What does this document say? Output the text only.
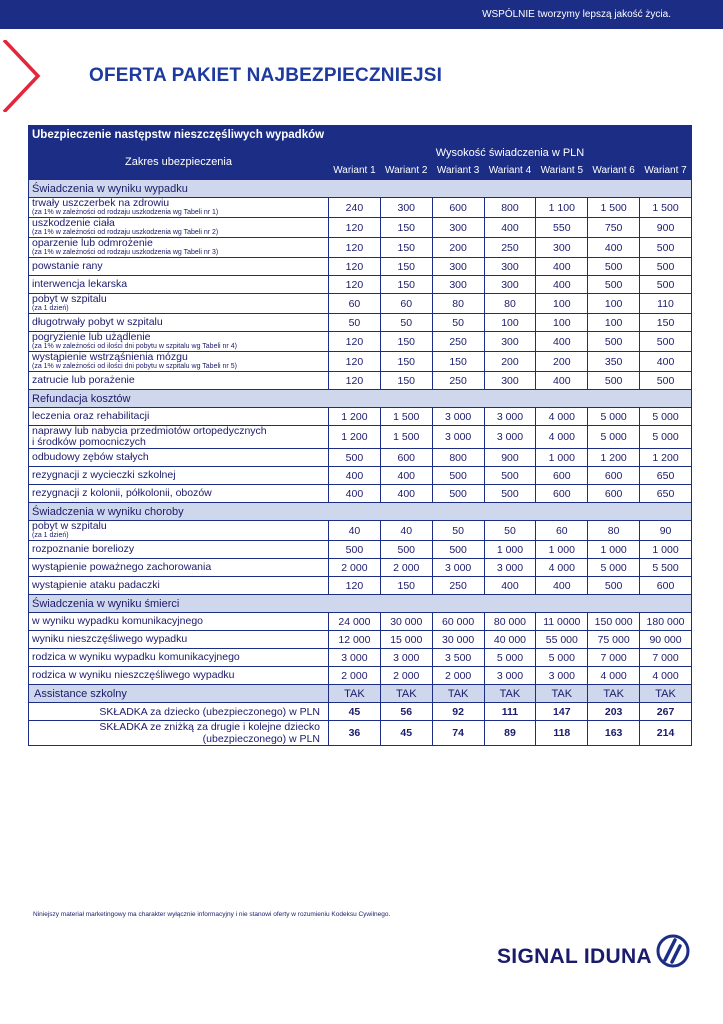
WSPÓLNIE tworzymy lepszą jakość życia.
OFERTA PAKIET NAJBEZPIECZNIEJSI
Ubezpieczenie następstw nieszczęśliwych wypadków							
Zakres ubezpieczenia	Wysokość świadczenia w PLN						
	Wariant 1	Wariant 2	Wariant 3	Wariant 4	Wariant 5	Wariant 6	Wariant 7
Świadczenia w wyniku wypadku							

trwały uszczerbek na zdrowiu
(za 1% w zależności od rodzaju uszkodzenia wg Tabeli nr 1)	240	300	600	800	1 100	1 500	1 500

uszkodzenie ciała
(za 1% w zależności od rodzaju uszkodzenia wg Tabeli nr 2)	120	150	300	400	550	750	900

oparzenie lub odmrożenie
(za 1% w zależności od rodzaju uszkodzenia wg Tabeli nr 3)	120	150	200	250	300	400	500

powstanie rany	120	150	300	300	400	500	500

interwencja lekarska	120	150	300	300	400	500	500

pobyt w szpitalu
(za 1 dzień)	60	60	80	80	100	100	110

długotrwały pobyt w szpitalu	50	50	50	100	100	100	150

pogryzienie lub użądlenie
(za 1% w zależności od ilości dni pobytu w szpitalu wg Tabeli nr 4)	120	150	250	300	400	500	500

wystąpienie wstrząśnienia mózgu
(za 1% w zależności od ilości dni pobytu w szpitalu wg Tabeli nr 5)	120	150	150	200	200	350	400

zatrucie lub porażenie	120	150	250	300	400	500	500
Refundacja kosztów							

leczenia oraz rehabilitacji	1 200	1 500	3 000	3 000	4 000	5 000	5 000

naprawy lub nabycia przedmiotów ortopedycznych
i środków pomocniczych	1 200	1 500	3 000	3 000	4 000	5 000	5 000

odbudowy zębów stałych	500	600	800	900	1 000	1 200	1 200

rezygnacji z wycieczki szkolnej	400	400	500	500	600	600	650

rezygnacji z kolonii, półkolonii, obozów	400	400	500	500	600	600	650
Świadczenia w wyniku choroby							

pobyt w szpitalu
(za 1 dzień)	40	40	50	50	60	80	90

rozpoznanie boreliozy	500	500	500	1 000	1 000	1 000	1 000

wystąpienie poważnego zachorowania	2 000	2 000	3 000	3 000	4 000	5 000	5 500

wystąpienie ataku padaczki	120	150	250	400	400	500	600
Świadczenia w wyniku śmierci							

w wyniku wypadku komunikacyjnego	24 000	30 000	60 000	80 000	11 0000	150 000	180 000

wyniku nieszczęśliwego wypadku	12 000	15 000	30 000	40 000	55 000	75 000	90 000

rodzica w wyniku wypadku komunikacyjnego	3 000	3 000	3 500	5 000	5 000	7 000	7 000

rodzica w wyniku nieszczęśliwego wypadku	2 000	2 000	2 000	3 000	3 000	4 000	4 000
Assistance szkolny	TAK	TAK	TAK	TAK	TAK	TAK	TAK
SKŁADKA za dziecko (ubezpieczonego) w PLN	45	56	92	111	147	203	267
SKŁADKA ze zniżką za drugie i kolejne dziecko (ubezpieczonego) w PLN	36	45	74	89	118	163	214
Niniejszy materiał marketingowy ma charakter wyłącznie informacyjny i nie stanowi oferty w rozumieniu Kodeksu Cywilnego.
SIGNAL IDUNA
